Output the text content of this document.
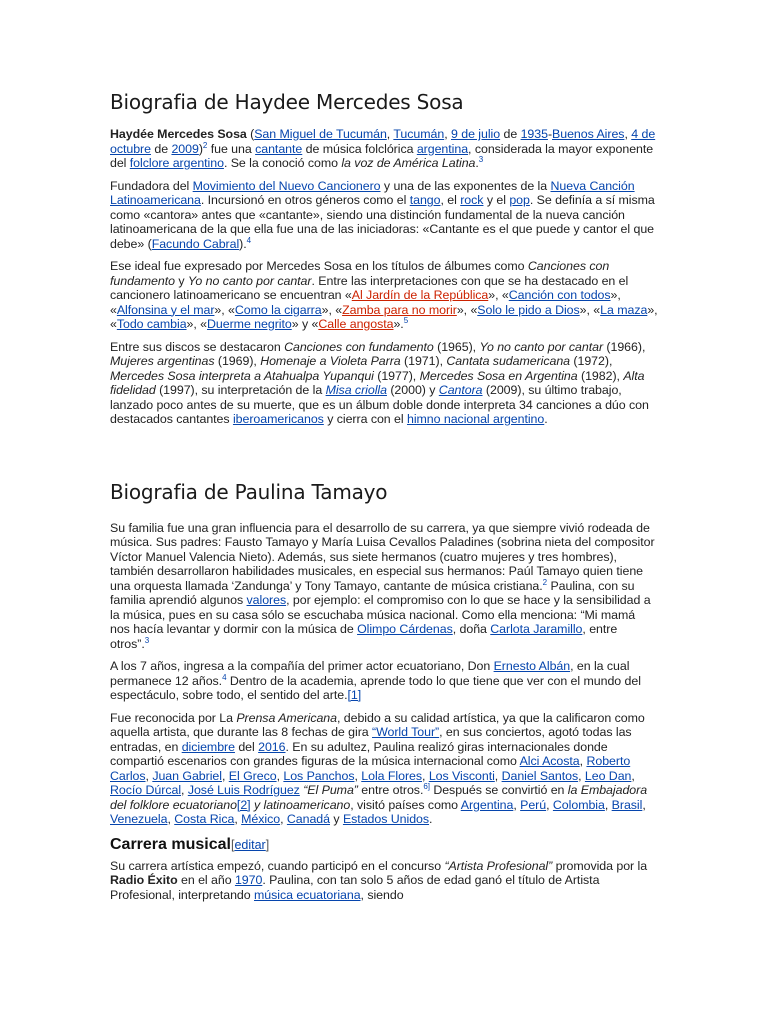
Biografia de Haydee Mercedes Sosa

Haydée Mercedes Sosa (San Miguel de Tucumán, Tucumán, 9 de julio de 1935-Buenos Aires, 4 de octubre de 2009)$^2$ fue una cantante de música folclórica argentina, considerada la mayor exponente del folclore argentino. Se la conoció como la voz de América Latina.$^3$

Fundadora del Movimiento del Nuevo Cancionero y una de las exponentes de la Nueva Canción Latinoamericana. Incursionó en otros géneros como el tango, el rock y el pop. Se definía a sí misma como «cantora» antes que «cantante», siendo una distinción fundamental de la nueva canción latinoamericana de la que ella fue una de las iniciadoras: «Cantante es el que puede y cantor el que debe» (Facundo Cabral).$^4$

Ese ideal fue expresado por Mercedes Sosa en los títulos de álbumes como Canciones con fundamento y Yo no canto por cantar. Entre las interpretaciones con que se ha destacado en el cancionero latinoamericano se encuentran «Al Jardín de la República», «Canción con todos», «Alfonsina y el mar», «Como la cigarra», «Zamba para no morir», «Solo le pido a Dios», «La maza», «Todo cambia», «Duerme negrito» y «Calle angosta».$^5$

Entre sus discos se destacaron Canciones con fundamento (1965), Yo no canto por cantar (1966), Mujeres argentinas (1969), Homenaje a Violeta Parra (1971), Cantata sudamericana (1972), Mercedes Sosa interpreta a Atahualpa Yupanqui (1977), Mercedes Sosa en Argentina (1982), Alta fidelidad (1997), su interpretación de la Misa criolla (2000) y Cantora (2009), su último trabajo, lanzado poco antes de su muerte, que es un álbum doble donde interpreta 34 canciones a dúo con destacados cantantes iberoamericanos y cierra con el himno nacional argentino.

Biografia de Paulina Tamayo

Su familia fue una gran influencia para el desarrollo de su carrera, ya que siempre vivió rodeada de música. Sus padres: Fausto Tamayo y María Luisa Cevallos Paladines (sobrina nieta del compositor Víctor Manuel Valencia Nieto). Además, sus siete hermanos (cuatro mujeres y tres hombres), también desarrollaron habilidades musicales, en especial sus hermanos: Paúl Tamayo quien tiene una orquesta llamada ‘Zandunga’ y Tony Tamayo, cantante de música cristiana.$^2$ Paulina, con su familia aprendió algunos valores, por ejemplo: el compromiso con lo que se hace y la sensibilidad a la música, pues en su casa sólo se escuchaba música nacional. Como ella menciona: “Mi mamá nos hacía levantar y dormir con la música de Olimpo Cárdenas, doña Carlota Jaramillo, entre otros”.$^3$

A los 7 años, ingresa a la compañía del primer actor ecuatoriano, Don Ernesto Albán, en la cual permanece 12 años.$^4$ Dentro de la academia, aprende todo lo que tiene que ver con el mundo del espectáculo, sobre todo, el sentido del arte.[1]

Fue reconocida por La Prensa Americana, debido a su calidad artística, ya que la calificaron como aquella artista, que durante las 8 fechas de gira “World Tour”, en sus conciertos, agotó todas las entradas, en diciembre del 2016. En su adultez, Paulina realizó giras internacionales donde compartió escenarios con grandes figuras de la música internacional como Alci Acosta, Roberto Carlos, Juan Gabriel, El Greco, Los Panchos, Lola Flores, Los Visconti, Daniel Santos, Leo Dan, Rocío Dúrcal, José Luis Rodríguez “El Puma” entre otros.$^{6]}$ Después se convirtió en la Embajadora del folklore ecuatoriano[2] y latinoamericano, visitó países como Argentina, Perú, Colombia, Brasil, Venezuela, Costa Rica, México, Canadá y Estados Unidos.

Carrera musical[editar]

Su carrera artística empezó, cuando participó en el concurso “Artista Profesional” promovida por la Radio Éxito en el año 1970. Paulina, con tan solo 5 años de edad ganó el título de Artista Profesional, interpretando música ecuatoriana, siendo
